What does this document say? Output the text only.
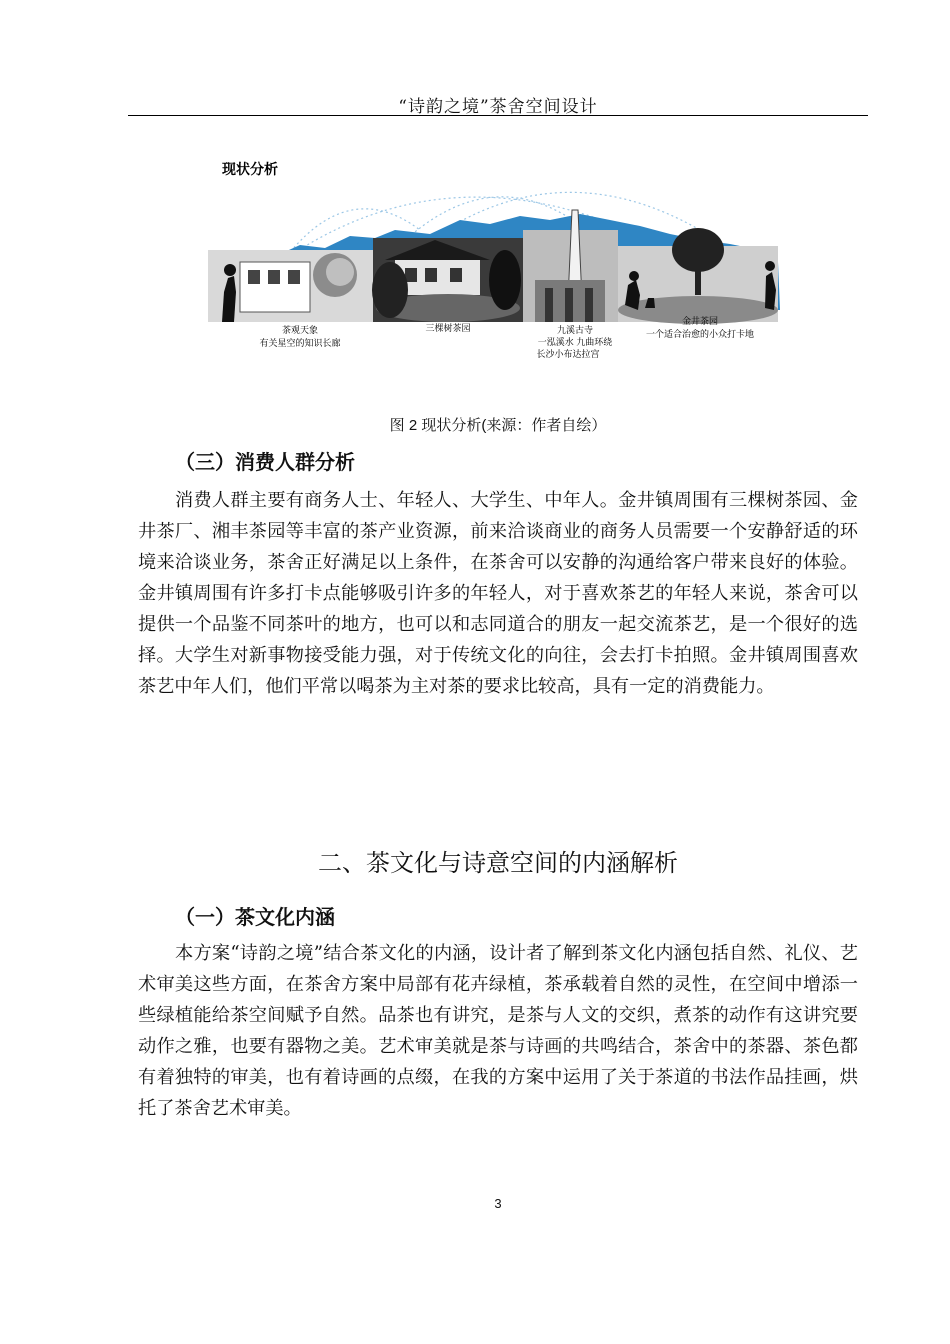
“诗韵之境”茶舍空间设计
现状分析
茶观天象
有关星空的知识长廊
三棵树茶园	九溪古寺
一泓溪水 九曲环绕
长沙小布达拉宫
金井茶园
一个适合治愈的小众打卡地
图 2 现状分析(来源：作者自绘）
（三）消费人群分析

消费人群主要有商务人士、年轻人、大学生、中年人。金井镇周围有三棵树茶园、金井茶厂、湘丰茶园等丰富的茶产业资源，前来洽谈商业的商务人员需要一个安静舒适的环境来洽谈业务，茶舍正好满足以上条件，在茶舍可以安静的沟通给客户带来良好的体验。金井镇周围有许多打卡点能够吸引许多的年轻人，对于喜欢茶艺的年轻人来说，茶舍可以提供一个品鉴不同茶叶的地方，也可以和志同道合的朋友一起交流茶艺，是一个很好的选择。大学生对新事物接受能力强，对于传统文化的向往，会去打卡拍照。金井镇周围喜欢茶艺中年人们，他们平常以喝茶为主对茶的要求比较高，具有一定的消费能力。

二、茶文化与诗意空间的内涵解析
（一）茶文化内涵

本方案“诗韵之境”结合茶文化的内涵，设计者了解到茶文化内涵包括自然、礼仪、艺术审美这些方面，在茶舍方案中局部有花卉绿植，茶承载着自然的灵性，在空间中增添一些绿植能给茶空间赋予自然。品茶也有讲究，是茶与人文的交织，煮茶的动作有这讲究要动作之雅，也要有器物之美。艺术审美就是茶与诗画的共鸣结合，茶舍中的茶器、茶色都有着独特的审美，也有着诗画的点缀，在我的方案中运用了关于茶道的书法作品挂画，烘托了茶舍艺术审美。

3
